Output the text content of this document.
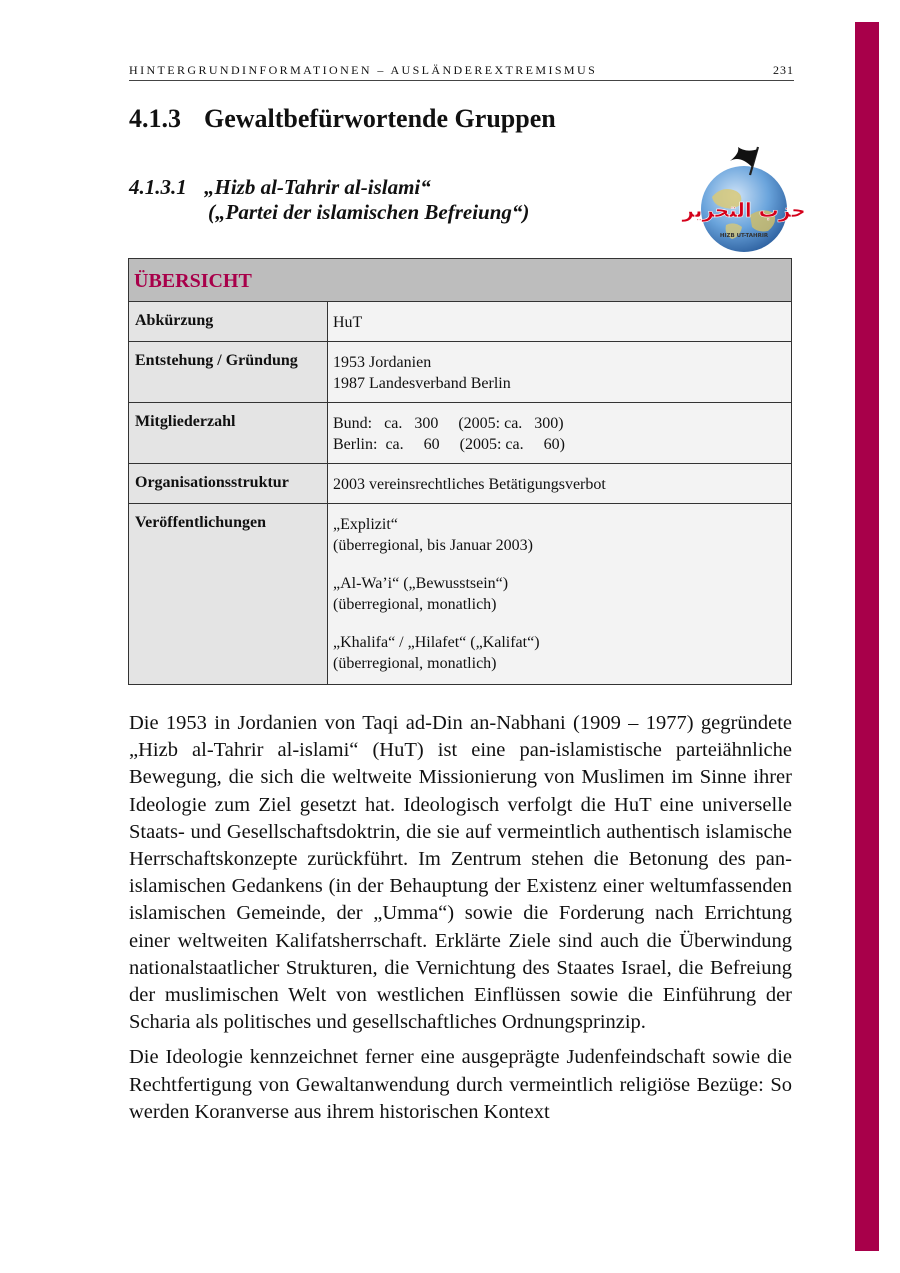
HINTERGRUNDINFORMATIONEN – AUSLÄNDEREXTREMISMUS	231
4.1.3 Gewaltbefürwortende Gruppen
4.1.3.1 „Hizb al-Tahrir al-islami“
(„Partei der islamischen Befreiung“)	حزب التحرير
HIZB UT-TAHRIR
ÜBERSICHT
Abkürzung	HuT
Entstehung / Gründung	1953 Jordanien
1987 Landesverband Berlin
Mitgliederzahl	Bund:   ca.   300     (2005: ca.   300)
Berlin:  ca.     60     (2005: ca.     60)
Organisationsstruktur	2003 vereinsrechtliches Betätigungsverbot
Veröffentlichungen	„Explizit“
(überregional, bis Januar 2003)
„Al-Wa’i“ („Bewusstsein“)
(überregional, monatlich)
„Khalifa“ / „Hilafet“ („Kalifat“)
(überregional, monatlich)

Die 1953 in Jordanien von Taqi ad-Din an-Nabhani (1909 – 1977) gegründete „Hizb al-Tahrir al-islami“ (HuT) ist eine pan-islamistische parteiähnliche Bewegung, die sich die weltweite Missionierung von Muslimen im Sinne ihrer Ideologie zum Ziel gesetzt hat. Ideologisch verfolgt die HuT eine universelle Staats- und Gesellschaftsdoktrin, die sie auf vermeintlich authentisch islamische Herrschaftskonzepte zurückführt. Im Zentrum stehen die Betonung des pan-islamischen Gedankens (in der Behauptung der Existenz einer weltumfassenden islamischen Gemeinde, der „Umma“) sowie die Forderung nach Errichtung einer weltweiten Kalifatsherrschaft. Erklärte Ziele sind auch die Überwindung nationalstaatlicher Strukturen, die Vernichtung des Staates Israel, die Befreiung der muslimischen Welt von westlichen Einflüssen sowie die Einführung der Scharia als politisches und gesellschaftliches Ordnungsprinzip.

Die Ideologie kennzeichnet ferner eine ausgeprägte Judenfeindschaft sowie die Rechtfertigung von Gewaltanwendung durch vermeintlich religiöse Bezüge: So werden Koranverse aus ihrem historischen Kontext
